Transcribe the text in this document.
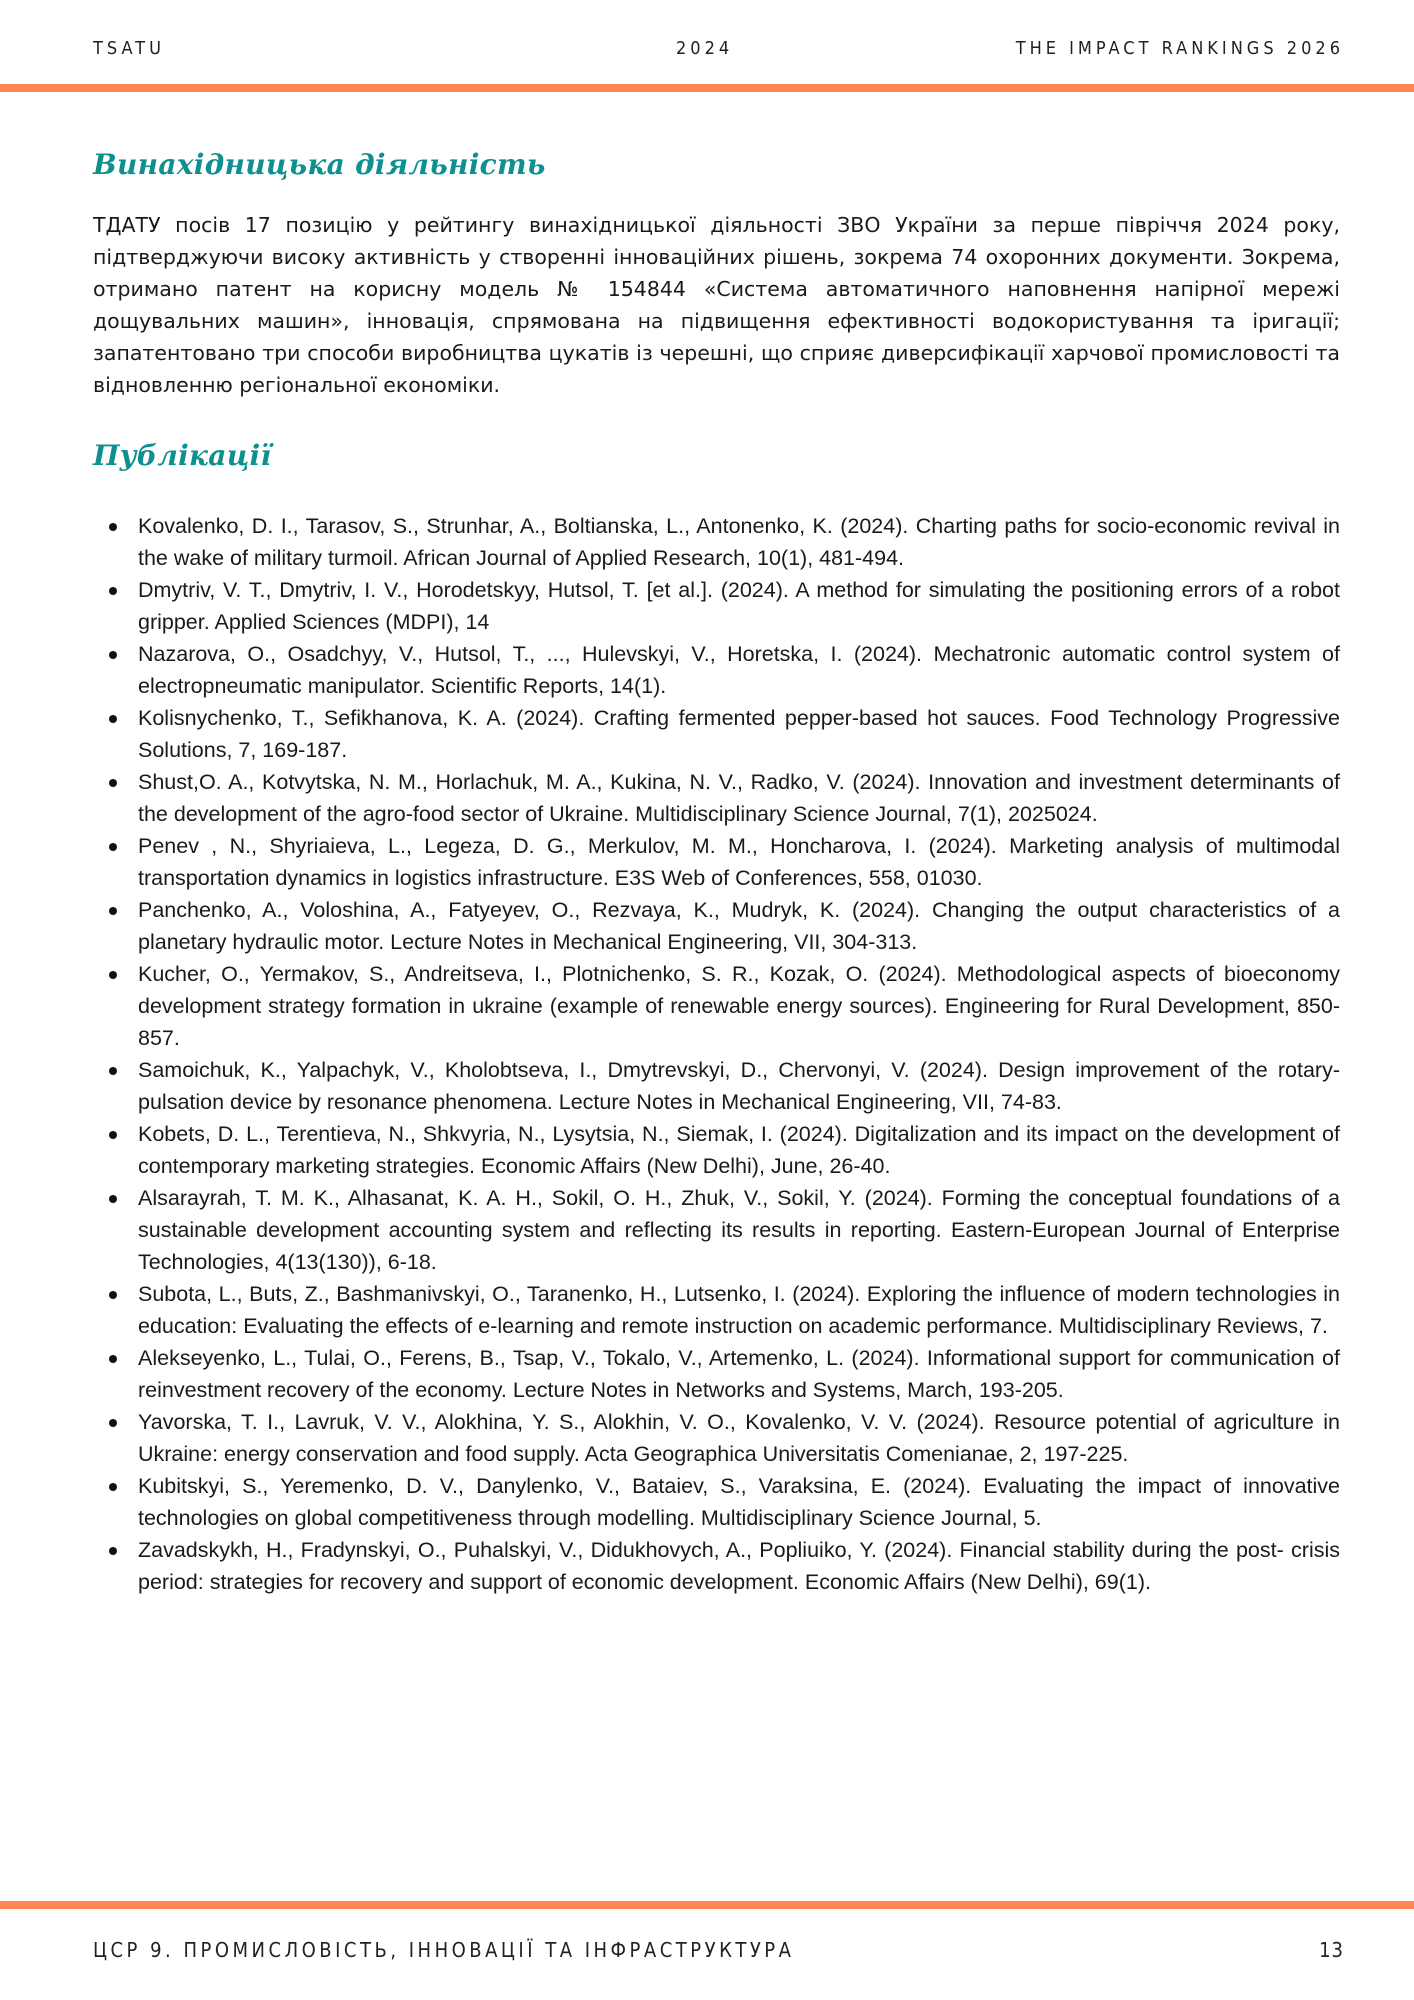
TSATU	2024	THE IMPACT RANKINGS 2026
Винахідницька діяльність

ТДАТУ посів 17 позицію у рейтингу винахідницької діяльності ЗВО України за перше півріччя 2024 року, підтверджуючи високу активність у створенні інноваційних рішень, зокрема 74 охоронних документи. Зокрема, отримано патент на корисну модель № 154844 «Система автоматичного наповнення напірної мережі дощувальних машин», інновація, спрямована на підвищення ефективності водокористування та іригації; запатентовано три способи виробництва цукатів із черешні, що сприяє диверсифікації харчової промисловості та відновленню регіональної економіки.

Публікації
Kovalenko, D. I., Tarasov, S., Strunhar, A., Boltianska, L., Antonenko, K. (2024). Charting paths for socio-economic revival in the wake of military turmoil. African Journal of Applied Research, 10(1), 481-494.
Dmytriv, V. T., Dmytriv, I. V., Horodetskyy, Hutsol, T. [et al.]. (2024). A method for simulating the positioning errors of a robot gripper. Applied Sciences (MDPI), 14
Nazarova, O., Osadchyy, V., Hutsol, T., ..., Hulevskyi, V., Horetska, I. (2024). Mechatronic automatic control system of electropneumatic manipulator. Scientific Reports, 14(1).
Kolisnychenko, T., Sefikhanova, K. A. (2024). Crafting fermented pepper-based hot sauces. Food Technology Progressive Solutions, 7, 169-187.
Shust,O. A., Kotvytska, N. M., Horlachuk, M. A., Kukina, N. V., Radko, V. (2024). Innovation and investment determinants of the development of the agro-food sector of Ukraine. Multidisciplinary Science Journal, 7(1), 2025024.
Penev , N., Shyriaieva, L., Legeza, D. G., Merkulov, M. M., Honcharova, I. (2024). Marketing analysis of multimodal transportation dynamics in logistics infrastructure. E3S Web of Conferences, 558, 01030.
Panchenko, A., Voloshina, A., Fatyeyev, O., Rezvaya, K., Mudryk, K. (2024). Changing the output characteristics of a planetary hydraulic motor. Lecture Notes in Mechanical Engineering, VII, 304-313.
Kucher, O., Yermakov, S., Andreitseva, I., Plotnichenko, S. R., Kozak, O. (2024). Methodological aspects of bioeconomy development strategy formation in ukraine (example of renewable energy sources). Engineering for Rural Development, 850-857.
Samoichuk, K., Yalpachyk, V., Kholobtseva, I., Dmytrevskyi, D., Chervonyi, V. (2024). Design improvement of the rotary- pulsation device by resonance phenomena. Lecture Notes in Mechanical Engineering, VII, 74-83.
Kobets, D. L., Terentieva, N., Shkvyria, N., Lysytsia, N., Siemak, I. (2024). Digitalization and its impact on the development of contemporary marketing strategies. Economic Affairs (New Delhi), June, 26-40.
Alsarayrah, T. M. K., Alhasanat, K. A. H., Sokil, O. H., Zhuk, V., Sokil, Y. (2024). Forming the conceptual foundations of a sustainable development accounting system and reflecting its results in reporting. Eastern-European Journal of Enterprise Technologies, 4(13(130)), 6-18.
Subota, L., Buts, Z., Bashmanivskyi, O., Taranenko, H., Lutsenko, I. (2024). Exploring the influence of modern technologies in education: Evaluating the effects of e-learning and remote instruction on academic performance. Multidisciplinary Reviews, 7.
Alekseyenko, L., Tulai, O., Ferens, B., Tsap, V., Tokalo, V., Artemenko, L. (2024). Informational support for communication of reinvestment recovery of the economy. Lecture Notes in Networks and Systems, March, 193-205.
Yavorska, T. I., Lavruk, V. V., Alokhina, Y. S., Alokhin, V. O., Kovalenko, V. V. (2024). Resource potential of agriculture in Ukraine: energy conservation and food supply. Acta Geographica Universitatis Comenianae, 2, 197-225.
Kubitskyi, S., Yeremenko, D. V., Danylenko, V., Bataiev, S., Varaksina, E. (2024). Evaluating the impact of innovative technologies on global competitiveness through modelling. Multidisciplinary Science Journal, 5.
Zavadskykh, H., Fradynskyi, O., Puhalskyi, V., Didukhovych, A., Popliuiko, Y. (2024). Financial stability during the post- crisis period: strategies for recovery and support of economic development. Economic Affairs (New Delhi), 69(1).
ЦСР 9. ПРОМИСЛОВІСТЬ, ІННОВАЦІЇ ТА ІНФРАСТРУКТУРА	13
